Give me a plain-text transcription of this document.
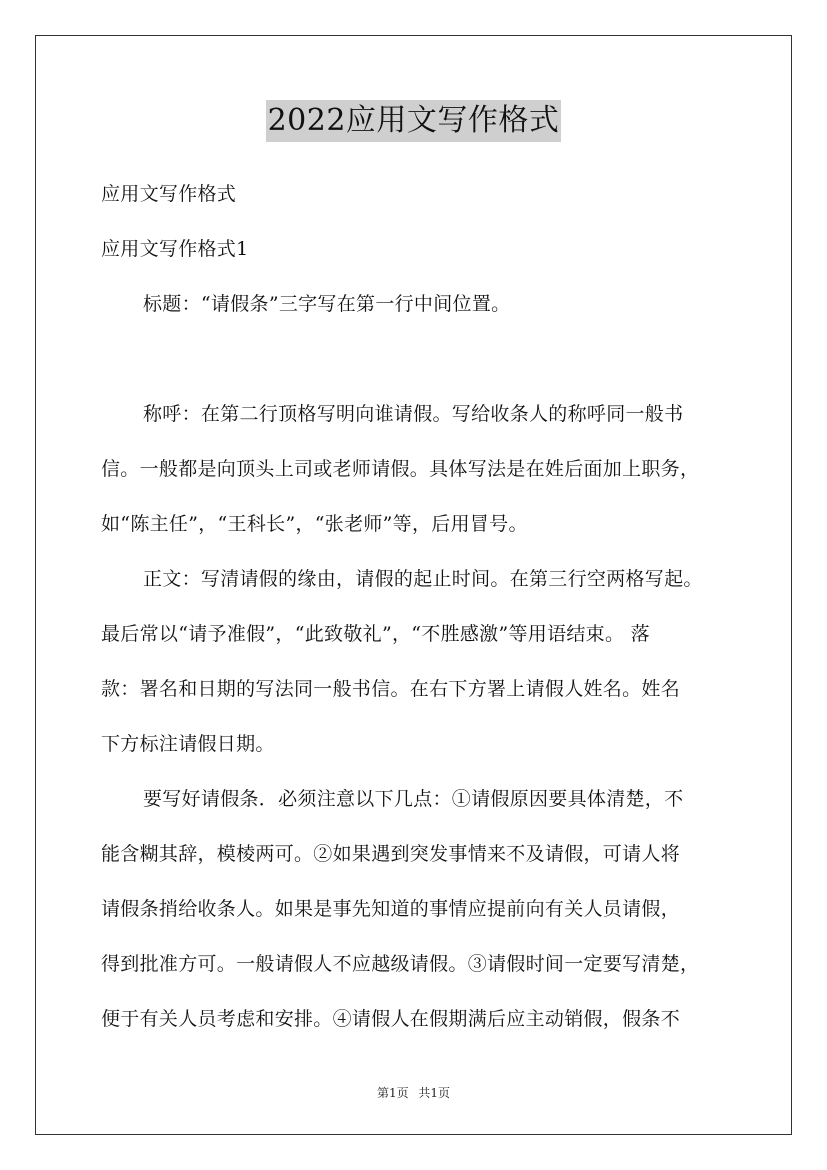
2022应用文写作格式
应用文写作格式
应用文写作格式1
标题：“请假条”三字写在第一行中间位置。
称呼：在第二行顶格写明向谁请假。写给收条人的称呼同一般书
信。一般都是向顶头上司或老师请假。具体写法是在姓后面加上职务，
如“陈主任”，“王科长”，“张老师”等，后用冒号。
正文：写清请假的缘由，请假的起止时间。在第三行空两格写起。
最后常以“请予准假”，“此致敬礼”，“不胜感激”等用语结束。 落
款：署名和日期的写法同一般书信。在右下方署上请假人姓名。姓名
下方标注请假日期。
要写好请假条．必须注意以下几点：①请假原因要具体清楚，不
能含糊其辞，模棱两可。②如果遇到突发事情来不及请假，可请人将
请假条捎给收条人。如果是事先知道的事情应提前向有关人员请假，
得到批准方可。一般请假人不应越级请假。③请假时间一定要写清楚，
便于有关人员考虑和安排。④请假人在假期满后应主动销假，假条不
第1页 共1页
